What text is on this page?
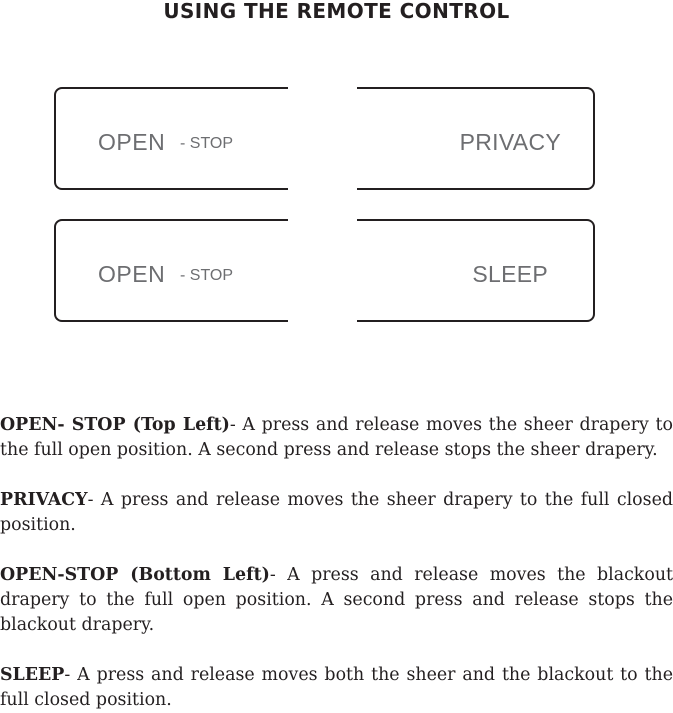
USING THE REMOTE CONTROL
OPEN - STOP	PRIVACY
OPEN - STOP	SLEEP

OPEN- STOP (Top Left)- A press and release moves the sheer drapery to the full open position. A second press and release stops the sheer drapery.

PRIVACY- A press and release moves the sheer drapery to the full closed position.

OPEN-STOP (Bottom Left)- A press and release moves the blackout drapery to the full open position. A second press and release stops the blackout drapery.

SLEEP- A press and release moves both the sheer and the blackout to the full closed position.
